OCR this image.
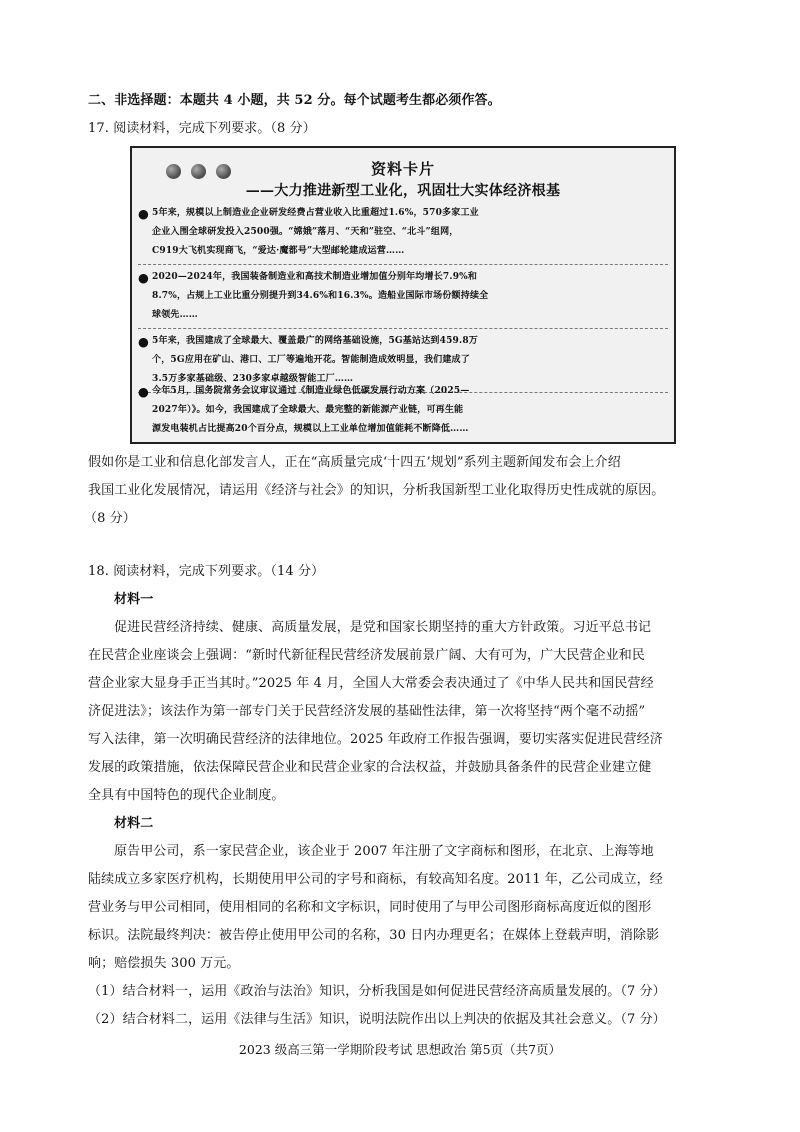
二、非选择题：本题共 4 小题，共 52 分。每个试题考生都必须作答。
17. 阅读材料，完成下列要求。（8 分）
资料卡片
——大力推进新型工业化，巩固壮大实体经济根基
● 5年来，规模以上制造业企业研发经费占营业收入比重超过1.6%，570多家工业
企业入围全球研发投入2500强。“嫦娥”落月、“天和”驻空、“北斗”组网，
C919大飞机实现商飞，“爱达·魔都号”大型邮轮建成运营……
● 2020—2024年，我国装备制造业和高技术制造业增加值分别年均增长7.9%和
8.7%，占规上工业比重分别提升到34.6%和16.3%。造船业国际市场份额持续全
球领先……
● 5年来，我国建成了全球最大、覆盖最广的网络基础设施，5G基站达到459.8万
个，5G应用在矿山、港口、工厂等遍地开花。智能制造成效明显，我们建成了
3.5万多家基础级、230多家卓越级智能工厂……
● 今年5月，国务院常务会议审议通过《制造业绿色低碳发展行动方案（2025—
2027年）》。如今，我国建成了全球最大、最完整的新能源产业链，可再生能
源发电装机占比提高20个百分点，规模以上工业单位增加值能耗不断降低……
假如你是工业和信息化部发言人，正在“高质量完成‘十四五’规划”系列主题新闻发布会上介绍
我国工业化发展情况，请运用《经济与社会》的知识，分析我国新型工业化取得历史性成就的原因。
（8 分）
18. 阅读材料，完成下列要求。（14 分）
材料一
促进民营经济持续、健康、高质量发展，是党和国家长期坚持的重大方针政策。习近平总书记
在民营企业座谈会上强调：“新时代新征程民营经济发展前景广阔、大有可为，广大民营企业和民
营企业家大显身手正当其时。”2025 年 4 月，全国人大常委会表决通过了《中华人民共和国民营经
济促进法》；该法作为第一部专门关于民营经济发展的基础性法律，第一次将坚持“两个毫不动摇”
写入法律，第一次明确民营经济的法律地位。2025 年政府工作报告强调，要切实落实促进民营经济
发展的政策措施，依法保障民营企业和民营企业家的合法权益，并鼓励具备条件的民营企业建立健
全具有中国特色的现代企业制度。
材料二
原告甲公司，系一家民营企业，该企业于 2007 年注册了文字商标和图形，在北京、上海等地
陆续成立多家医疗机构，长期使用甲公司的字号和商标，有较高知名度。2011 年，乙公司成立，经
营业务与甲公司相同，使用相同的名称和文字标识，同时使用了与甲公司图形商标高度近似的图形
标识。法院最终判决：被告停止使用甲公司的名称，30 日内办理更名；在媒体上登载声明，消除影
响；赔偿损失 300 万元。
（1）结合材料一，运用《政治与法治》知识，分析我国是如何促进民营经济高质量发展的。（7 分）
（2）结合材料二，运用《法律与生活》知识，说明法院作出以上判决的依据及其社会意义。（7 分）
2023 级高三第一学期阶段考试 思想政治 第5页（共7页）
